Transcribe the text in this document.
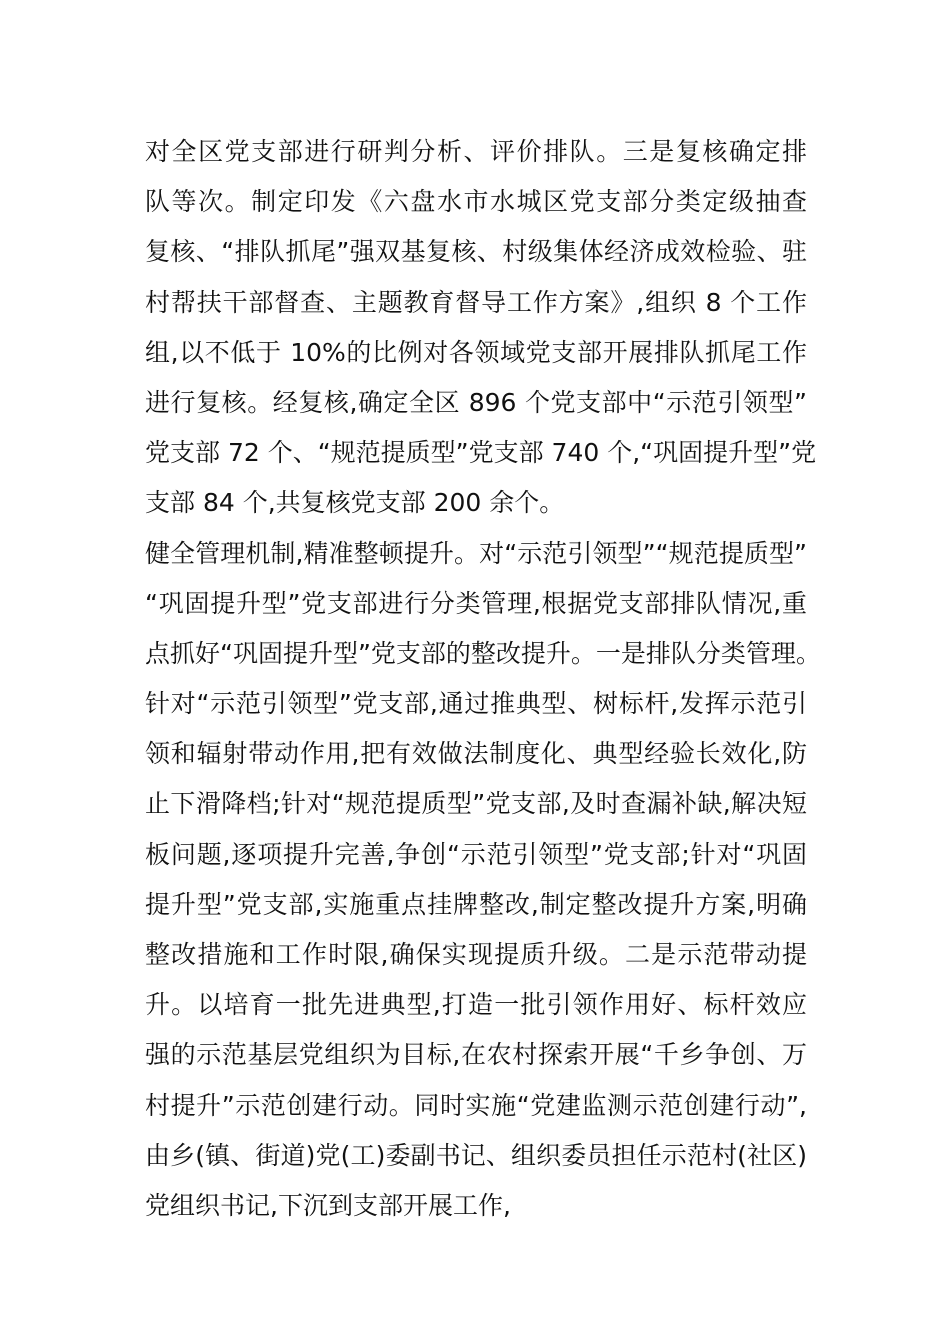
对全区党支部进行研判分析、评价排队。三是复核确定排
队等次。制定印发《六盘水市水城区党支部分类定级抽查
复核、“排队抓尾”强双基复核、村级集体经济成效检验、驻
村帮扶干部督查、主题教育督导工作方案》,组织 8 个工作
组,以不低于 10%的比例对各领域党支部开展排队抓尾工作
进行复核。经复核,确定全区 896 个党支部中“示范引领型”
党支部 72 个、“规范提质型”党支部 740 个,“巩固提升型”党
支部 84 个,共复核党支部 200 余个。
健全管理机制,精准整顿提升。对“示范引领型”“规范提质型”
“巩固提升型”党支部进行分类管理,根据党支部排队情况,重
点抓好“巩固提升型”党支部的整改提升。一是排队分类管理。
针对“示范引领型”党支部,通过推典型、树标杆,发挥示范引
领和辐射带动作用,把有效做法制度化、典型经验长效化,防
止下滑降档;针对“规范提质型”党支部,及时查漏补缺,解决短
板问题,逐项提升完善,争创“示范引领型”党支部;针对“巩固
提升型”党支部,实施重点挂牌整改,制定整改提升方案,明确
整改措施和工作时限,确保实现提质升级。二是示范带动提
升。以培育一批先进典型,打造一批引领作用好、标杆效应
强的示范基层党组织为目标,在农村探索开展“千乡争创、万
村提升”示范创建行动。同时实施“党建监测示范创建行动”,
由乡(镇、街道)党(工)委副书记、组织委员担任示范村(社区)
党组织书记,下沉到支部开展工作,
